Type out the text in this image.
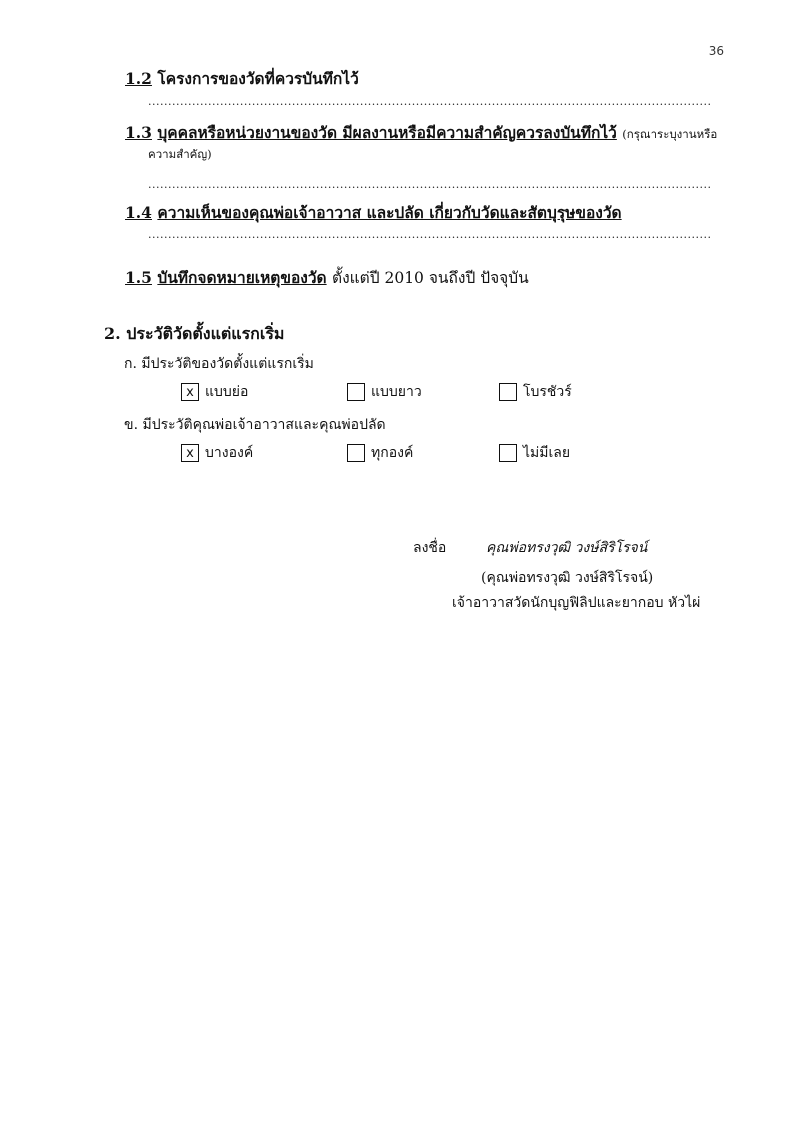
36
1.2 โครงการของวัดที่ควรบันทึกไว้
.............................................................................................................................................
1.3 บุคคลหรือหน่วยงานของวัด มีผลงานหรือมีความสำคัญควรลงบันทึกไว้ (กรุณาระบุงานหรือ
ความสำคัญ)
.............................................................................................................................................
1.4 ความเห็นของคุณพ่อเจ้าอาวาส และปลัด เกี่ยวกับวัดและสัตบุรุษของวัด
.............................................................................................................................................
1.5 บันทึกจดหมายเหตุของวัด ตั้งแต่ปี 2010 จนถึงปี ปัจจุบัน
2. ประวัติวัดตั้งแต่แรกเริ่ม
ก. มีประวัติของวัดตั้งแต่แรกเริ่ม
x แบบย่อ	แบบยาว	โบรชัวร์
ข. มีประวัติคุณพ่อเจ้าอาวาสและคุณพ่อปลัด
x บางองค์	ทุกองค์	ไม่มีเลย
ลงชื่อ	คุณพ่อทรงวุฒิ วงษ์สิริโรจน์
(คุณพ่อทรงวุฒิ วงษ์สิริโรจน์)
เจ้าอาวาสวัดนักบุญฟิลิปและยากอบ หัวไผ่
